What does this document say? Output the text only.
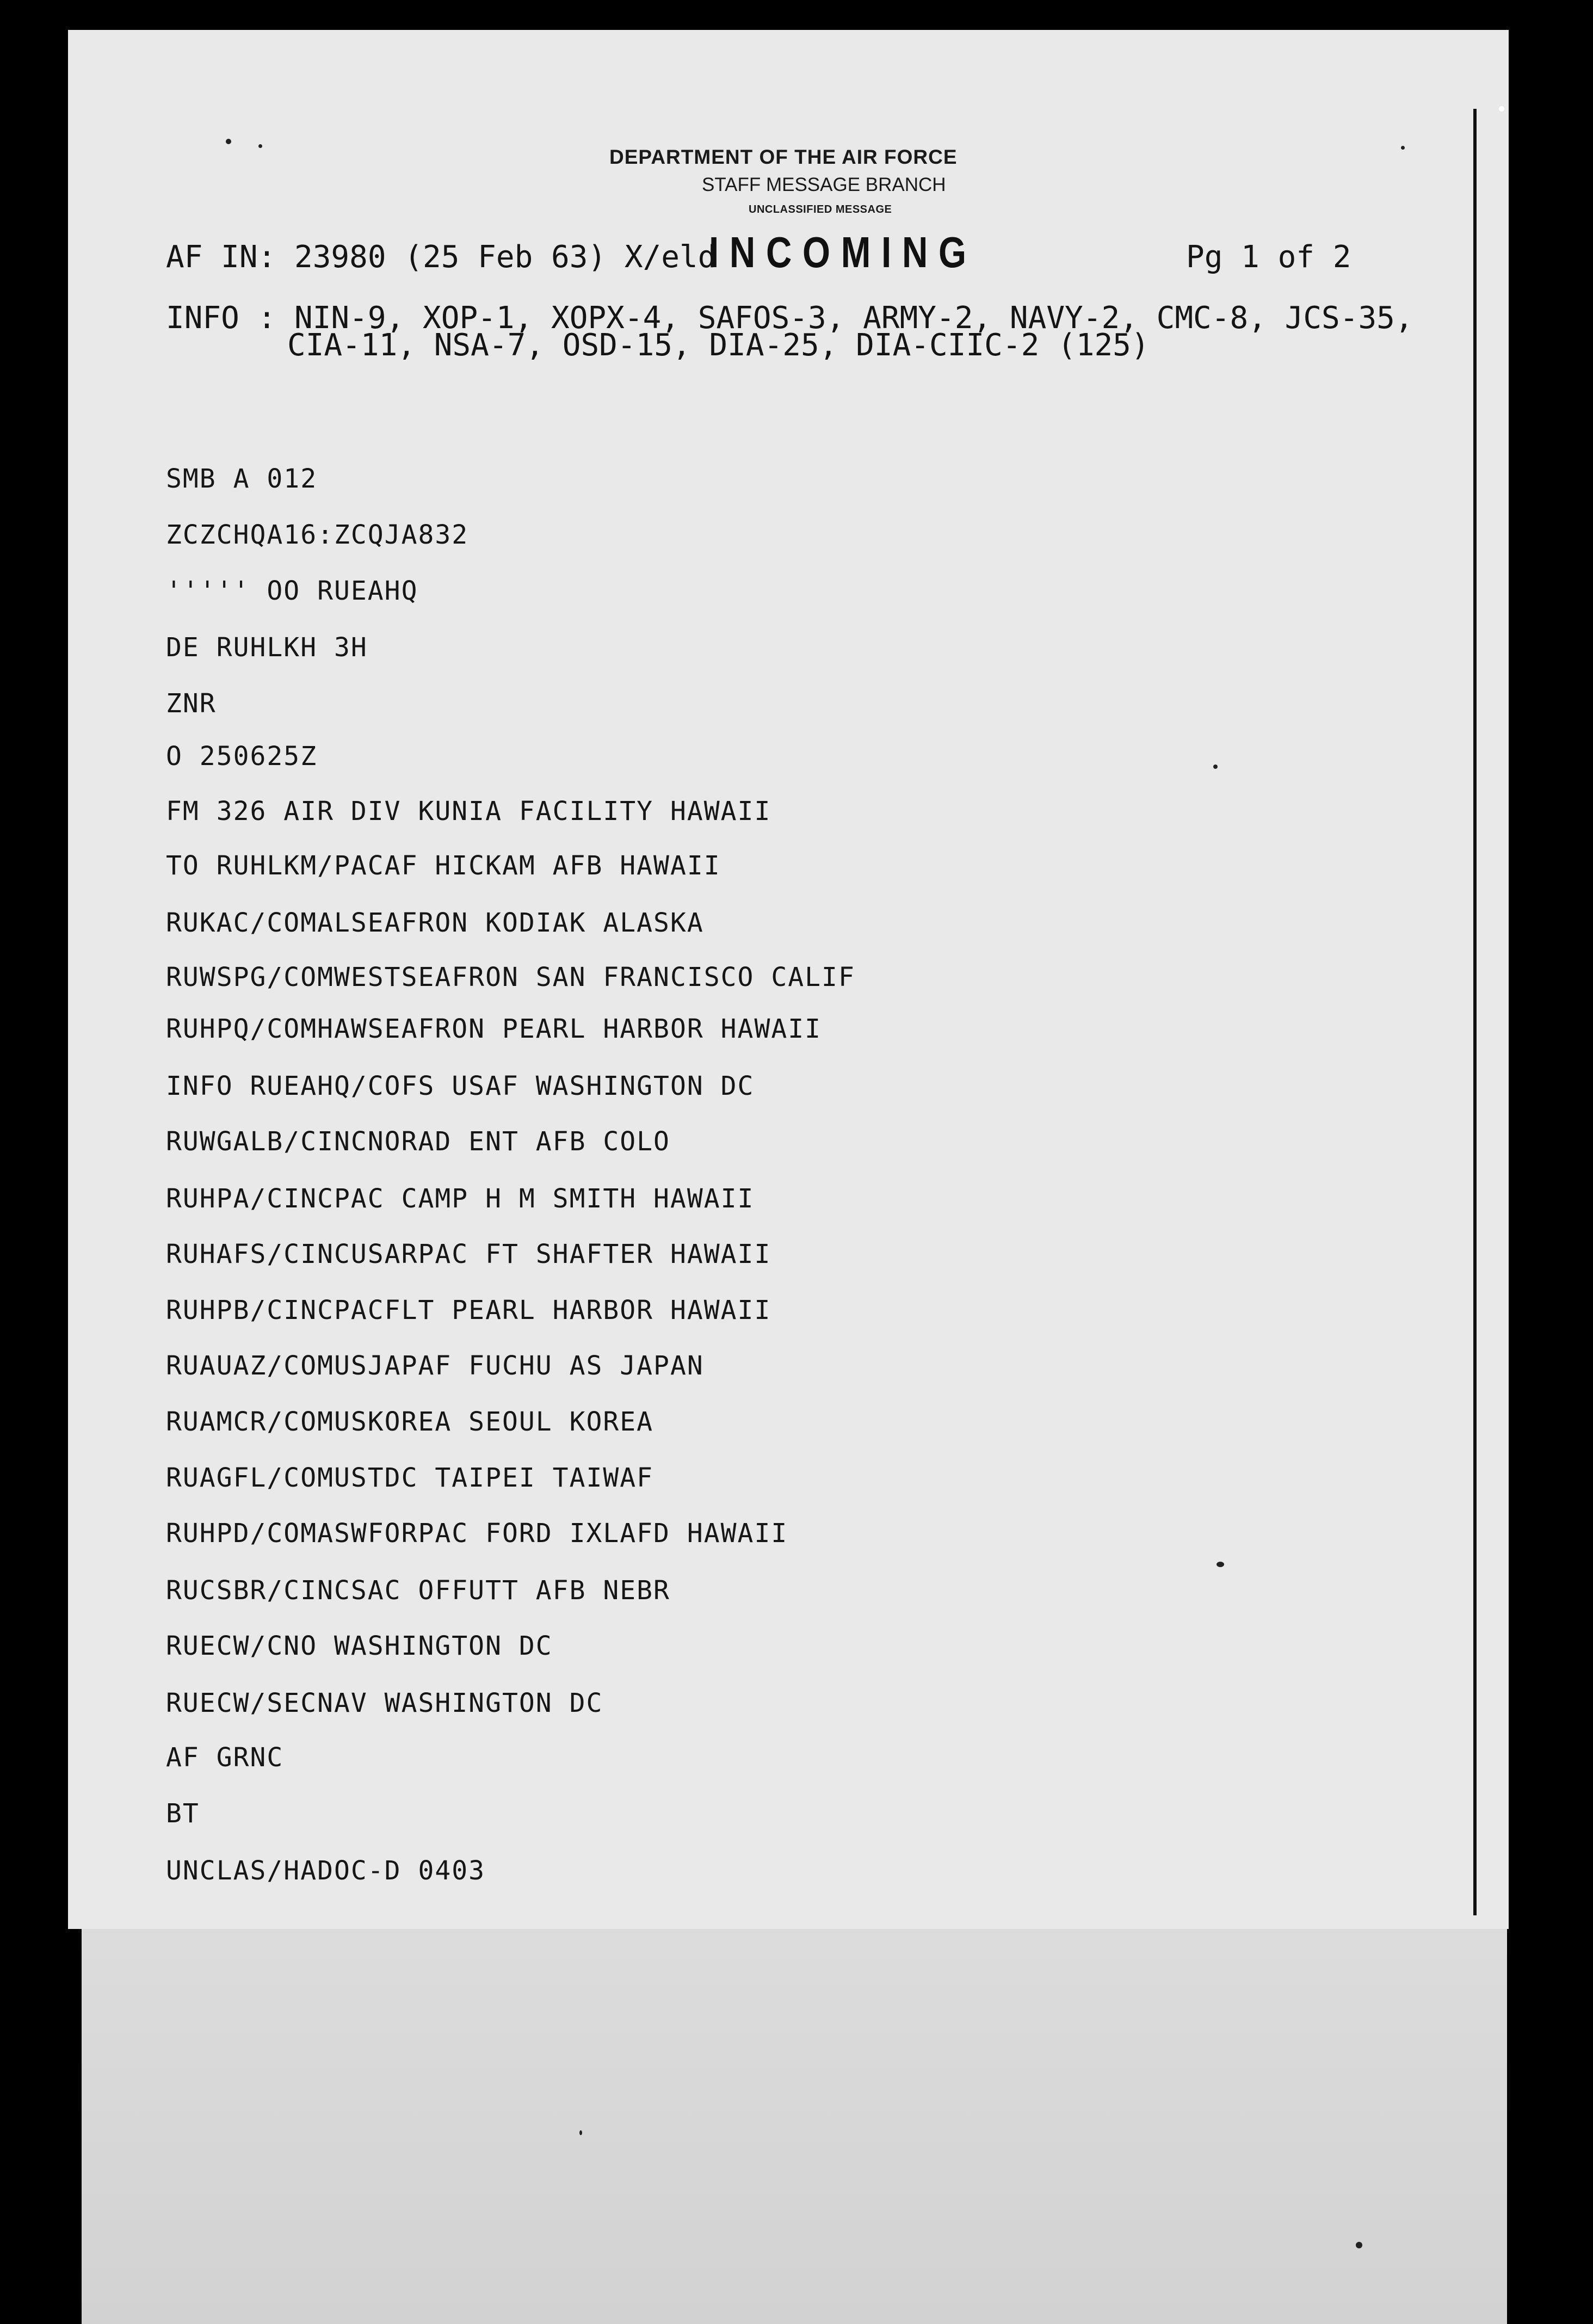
DEPARTMENT OF THE AIR FORCE
STAFF MESSAGE BRANCH
UNCLASSIFIED MESSAGE
AF IN: 23980 (25 Feb 63) X/eld
INCOMING	Pg 1 of 2
INFO : NIN-9, XOP-1, XOPX-4, SAFOS-3, ARMY-2, NAVY-2, CMC-8, JCS-35,
CIA-11, NSA-7, OSD-15, DIA-25, DIA-CIIC-2 (125)
SMB A 012
ZCZCHQA16:ZCQJA832
''''' OO RUEAHQ
DE RUHLKH 3H
ZNR
O 250625Z
FM 326 AIR DIV KUNIA FACILITY HAWAII
TO RUHLKM/PACAF HICKAM AFB HAWAII
RUKAC/COMALSEAFRON KODIAK ALASKA
RUWSPG/COMWESTSEAFRON SAN FRANCISCO CALIF
RUHPQ/COMHAWSEAFRON PEARL HARBOR HAWAII
INFO RUEAHQ/COFS USAF WASHINGTON DC
RUWGALB/CINCNORAD ENT AFB COLO
RUHPA/CINCPAC CAMP H M SMITH HAWAII
RUHAFS/CINCUSARPAC FT SHAFTER HAWAII
RUHPB/CINCPACFLT PEARL HARBOR HAWAII
RUAUAZ/COMUSJAPAF FUCHU AS JAPAN
RUAMCR/COMUSKOREA SEOUL KOREA
RUAGFL/COMUSTDC TAIPEI TAIWAF
RUHPD/COMASWFORPAC FORD IXLAFD HAWAII
RUCSBR/CINCSAC OFFUTT AFB NEBR
RUECW/CNO WASHINGTON DC
RUECW/SECNAV WASHINGTON DC
AF GRNC
BT
UNCLAS/HADOC-D 0403
